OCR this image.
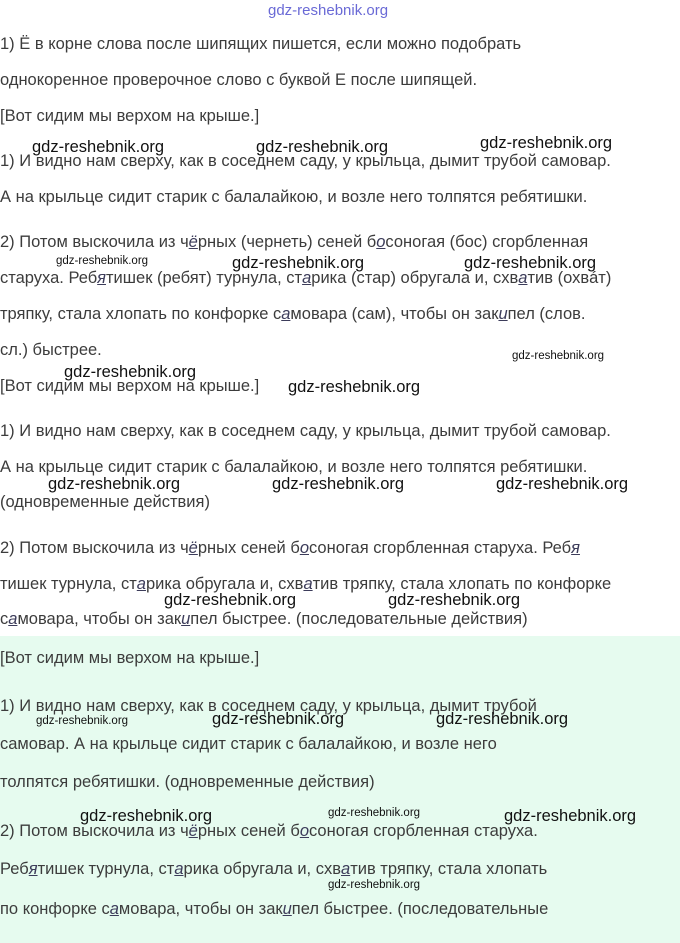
1) Ё в корне слова после шипящих пишется, если можно подобрать

однокоренное проверочное слово с буквой Е после шипящей.

[Вот сидим мы верхом на крыше.]

1) И видно нам сверху, как в соседнем саду, у крыльца, дымит трубой самовар.

А на крыльце сидит старик с балалайкою, и возле него толпятся ребятишки.

2) Потом выскочила из чёрных (чернеть) сеней босоногая (бос) сгорбленная

старуха. Ребятишек (ребят) турнула, старика (стар) обругала и, схватив (охвáт)

тряпку, стала хлопать по конфорке самовара (сам), чтобы он закипел (слов.

сл.) быстрее.

[Вот сидим мы верхом на крыше.]

1) И видно нам сверху, как в соседнем саду, у крыльца, дымит трубой самовар.

А на крыльце сидит старик с балалайкою, и возле него толпятся ребятишки.

(одновременные действия)

2) Потом выскочила из чёрных сеней босоногая сгорбленная старуха. Ребя

тишек турнула, старика обругала и, схватив тряпку, стала хлопать по конфорке

самовара, чтобы он закипел быстрее. (последовательные действия)

[Вот сидим мы верхом на крыше.]

1) И видно нам сверху, как в соседнем саду, у крыльца, дымит трубой

самовар. А на крыльце сидит старик с балалайкою, и возле него

толпятся ребятишки. (одновременные действия)

2) Потом выскочила из чёрных сеней босоногая сгорбленная старуха.

Ребятишек турнула, старика обругала и, схватив тряпку, стала хлопать

по конфорке самовара, чтобы он закипел быстрее. (последовательные

gdz-reshebnik.org
gdz-reshebnik.org	gdz-reshebnik.org	gdz-reshebnik.org
gdz-reshebnik.org	gdz-reshebnik.org	gdz-reshebnik.org
gdz-reshebnik.org
gdz-reshebnik.org
gdz-reshebnik.org
gdz-reshebnik.org	gdz-reshebnik.org	gdz-reshebnik.org
gdz-reshebnik.org	gdz-reshebnik.org
gdz-reshebnik.org	gdz-reshebnik.org	gdz-reshebnik.org
gdz-reshebnik.org	gdz-reshebnik.org	gdz-reshebnik.org
gdz-reshebnik.org
